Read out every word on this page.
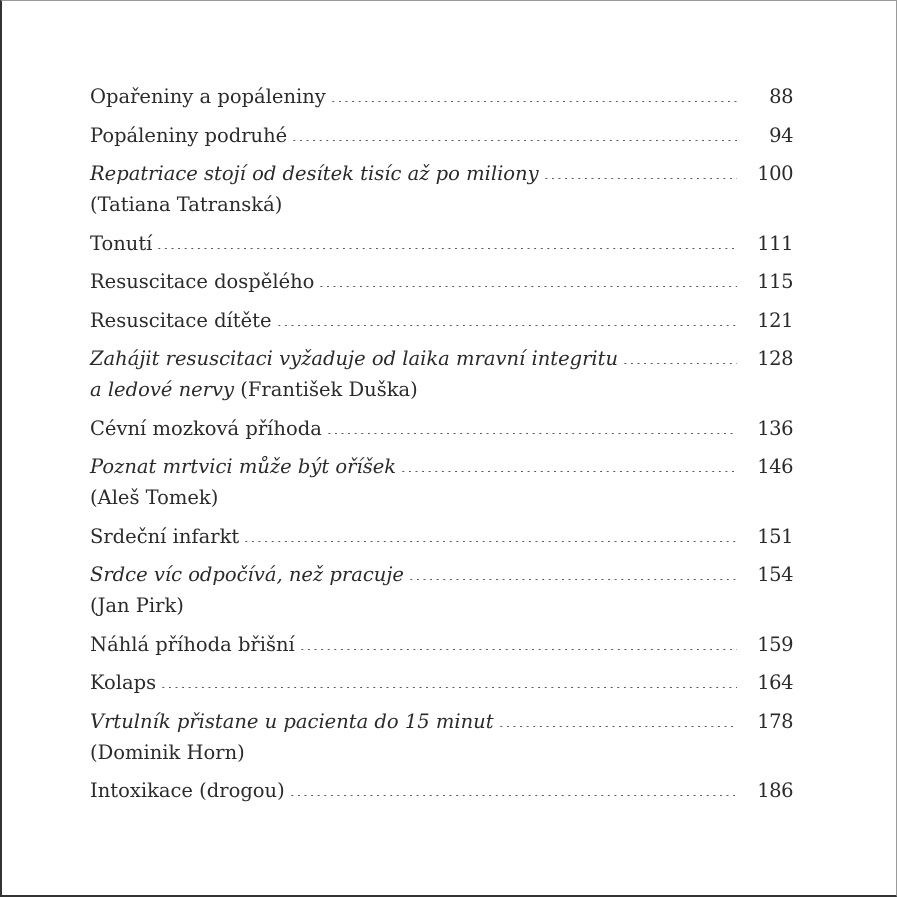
Opařeniny a popáleniny	88
Popáleniny podruhé	94
Repatriace stojí od desítek tisíc až po miliony	100
(Tatiana Tatranská)
Tonutí	111
Resuscitace dospělého	115
Resuscitace dítěte	121
Zahájit resuscitaci vyžaduje od laika mravní integritu	128
a ledové nervy (František Duška)
Cévní mozková příhoda	136
Poznat mrtvici může být oříšek	146
(Aleš Tomek)
Srdeční infarkt	151
Srdce víc odpočívá, než pracuje	154
(Jan Pirk)
Náhlá příhoda břišní	159
Kolaps	164
Vrtulník přistane u pacienta do 15 minut	178
(Dominik Horn)
Intoxikace (drogou)	186
